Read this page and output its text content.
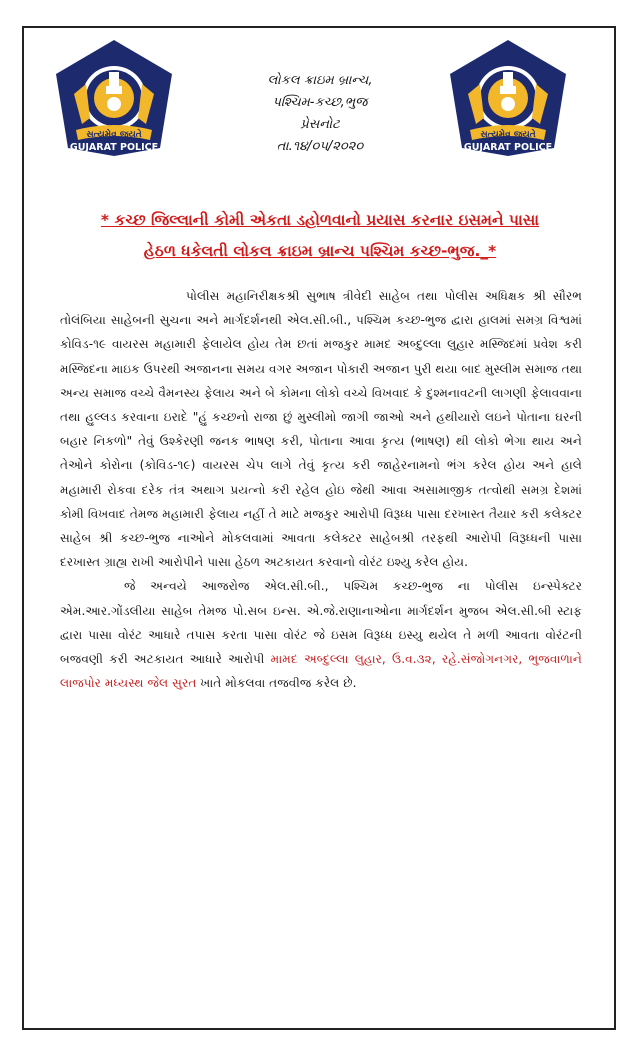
સત્યમેવ જયતે
GUJARAT POLICE
સત્યમેવ જયતે
GUJARAT POLICE
લોકલ ક્રાઇમ બ્રાન્ચ,
પશ્ચિમ-કચ્છ,ભુજ
પ્રેસનોટ
તા.૧૪/૦૫/૨૦૨૦
* કચ્છ જિલ્લાની કોમી એકતા ડહોળવાનો પ્રયાસ કરનાર ઇસમને પાસા
હેઠળ ધકેલતી લોકલ ક્રાઇમ બ્રાન્ચ પશ્ચિમ કચ્છ-ભુજ._*

પોલીસ મહાનિરીક્ષકશ્રી સુભાષ ત્રીવેદી સાહેબ તથા પોલીસ અધિક્ષક શ્રી સૌરભ તોલંબિયા સાહેબની સુચના અને માર્ગદર્શનથી એલ.સી.બી., પશ્ચિમ કચ્છ-ભુજ દ્વારા હાલમાં સમગ્ર વિશ્વમાં કોવિડ-૧૯ વાયરસ મહામારી ફેલાયેલ હોય તેમ છતાં મજકુર મામદ અબ્દુલ્લા લુહાર મસ્જિદમાં પ્રવેશ કરી મસ્જિદના માઇક ઉપરથી અજાનના સમય વગર અજાન પોકારી અજાન પુરી થયા બાદ મુસ્લીમ સમાજ તથા અન્ય સમાજ વચ્ચે વૈમનસ્ય ફેલાય અને બે કોમના લોકો વચ્ચે વિખવાદ કે દુશ્મનાવટની લાગણી ફેલાવવાના તથા હુલ્લડ કરવાના ઇરાદે "હું કચ્છનો રાજા છું મુસ્લીમો જાગી જાઓ અને હથીયારો લઇને પોતાના ઘરની બહાર નિકળો" તેવું ઉશ્કેરણી જનક ભાષણ કરી, પોતાના આવા કૃત્ય (ભાષણ) થી લોકો ભેગા થાય અને તેઓને કોરોના (કોવિડ-૧૯) વાયરસ ચેપ લાગે તેવું કૃત્ય કરી જાહેરનામનો ભંગ કરેલ હોય અને હાલે મહામારી રોકવા દરેક તંત્ર અથાગ પ્રયત્નો કરી રહેલ હોઇ જેથી આવા અસામાજીક તત્વોથી સમગ્ર દેશમાં કોમી વિખવાદ તેમજ મહામારી ફેલાય નહીં તે માટે મજકુર આરોપી વિરૂધ્ધ પાસા દરખાસ્ત તૈયાર કરી કલેક્ટર સાહેબ શ્રી કચ્છ-ભુજ નાઓને મોકલવામાં આવતા કલેક્ટર સાહેબશ્રી તરફથી આરોપી વિરૂધ્ધની પાસા દરખાસ્ત ગ્રાહ્ય રાખી આરોપીને પાસા હેઠળ અટકાયત કરવાનો વોરંટ ઇશ્યુ કરેલ હોય.

જે અન્વયે આજરોજ એલ.સી.બી., પશ્ચિમ કચ્છ-ભુજ ના પોલીસ ઇન્સ્પેક્ટર એમ.આર.ગોંડલીયા સાહેબ તેમજ પો.સબ ઇન્સ. એ.જે.રાણાનાઓના માર્ગદર્શન મુજબ એલ.સી.બી સ્ટાફ દ્વારા પાસા વોરંટ આધારે તપાસ કરતા પાસા વોરંટ જે ઇસમ વિરૂધ્ધ ઇસ્યુ થયેલ તે મળી આવતા વોરંટની બજવણી કરી અટકાયત આધારે આરોપી મામદ અબ્દુલ્લા લુહાર, ઉ.વ.૩૨, રહે.સંજોગનગર, ભુજવાળાને લાજપોર મધ્યસ્થ જેલ સુરત ખાતે મોકલવા તજવીજ કરેલ છે.
